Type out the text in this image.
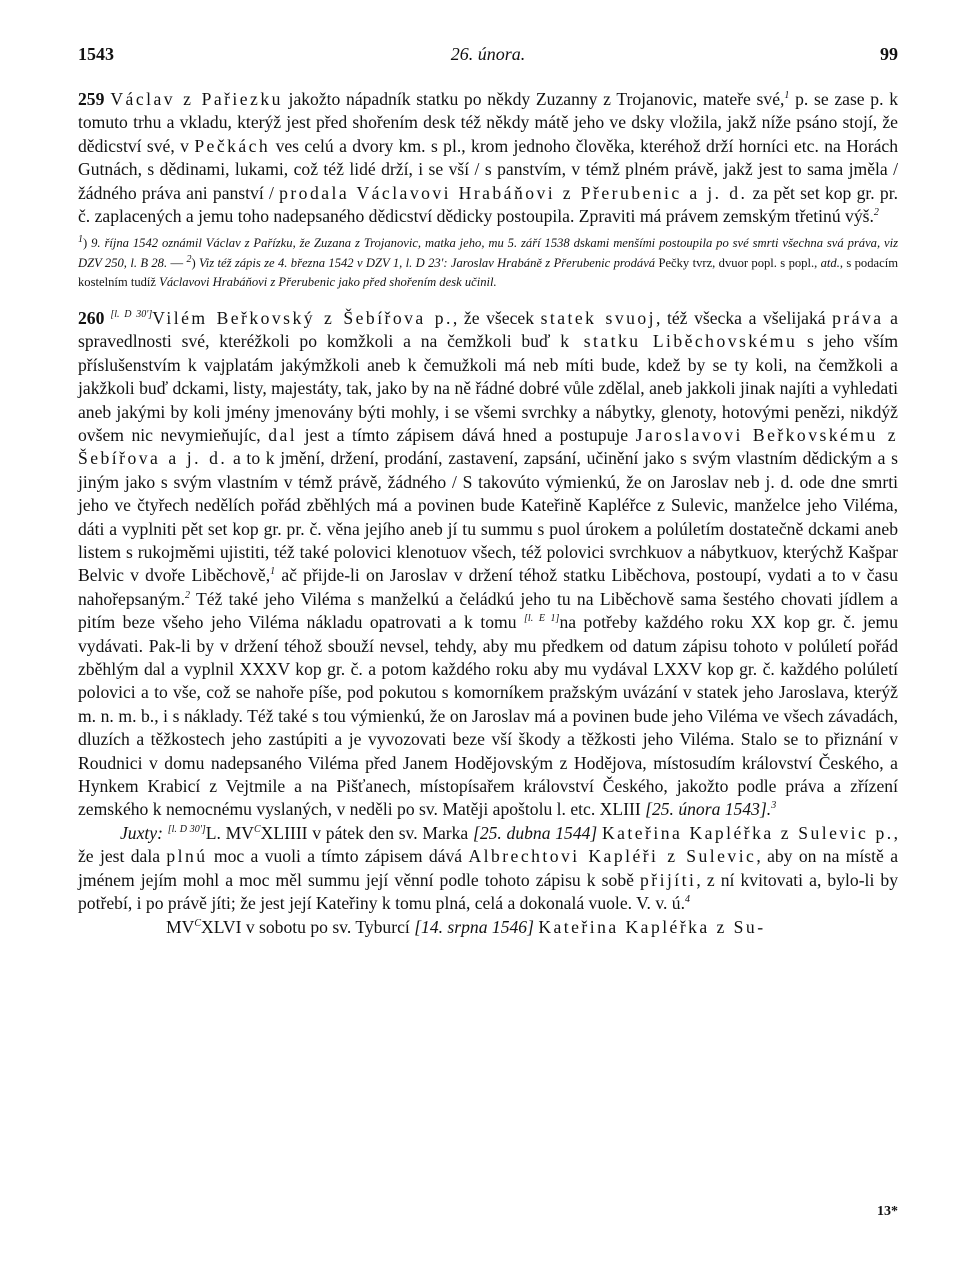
1543	26. února.	99

259 Václav z Pařiezku jakožto nápadník statku po někdy Zuzanny z Trojanovic, mateře své,$^1$ p. se zase p. k tomuto trhu a vkladu, kterýž jest před shořením desk též někdy mátě jeho ve dsky vložila, jakž níže psáno stojí, že dědicství své, v Pečkách ves celú a dvory km. s pl., krom jednoho člověka, kteréhož drží horníci etc. na Horách Gutnách, s dědinami, lukami, což též lidé drží, i se vší / s panstvím, v témž plném právě, jakž jest to sama jměla / žádného práva ani panství / prodala Václavovi Hrabáňovi z Přerubenic a j. d. za pět set kop gr. pr. č. zaplacených a jemu toho nadepsaného dědicství dědicky postoupila. Zpraviti má právem zemským třetinú výš.$^2$

$^1$) 9. října 1542 oznámil Václav z Pařízku, že Zuzana z Trojanovic, matka jeho, mu 5. září 1538 dskami menšími postoupila po své smrti všechna svá práva, viz DZV 250, l. B 28. — $^2$) Viz též zápis ze 4. března 1542 v DZV 1, l. D 23': Jaroslav Hrabáně z Přerubenic prodává Pečky tvrz, dvuor popl. s popl., atd., s podacím kostelním tudíž Václavovi Hrabáňovi z Přerubenic jako před shořením desk učinil.

260 [l. D 30']Vilém Beřkovský z Šebířova p., že všecek statek svuoj, též všecka a všelijaká práva a spravedlnosti své, kteréžkoli po komžkoli a na čemžkoli buď k statku Liběchovskému s jeho vším příslušenstvím k vajplatám jakýmžkoli aneb k čemužkoli má neb míti bude, kdež by se ty koli, na čemžkoli a jakžkoli buď dckami, listy, majestáty, tak, jako by na ně řádné dobré vůle zdělal, aneb jakkoli jinak najíti a vyhledati aneb jakými by koli jmény jmenovány býti mohly, i se všemi svrchky a nábytky, glenoty, hotovými penězi, nikdýž ovšem nic nevymieňujíc, dal jest a tímto zápisem dává hned a postupuje Jaroslavovi Beřkovskému z Šebířova a j. d. a to k jmění, držení, prodání, zastavení, zapsání, učinění jako s svým vlastním dědickým a s jiným jako s svým vlastním v témž právě, žádného / S takovúto výmienkú, že on Jaroslav neb j. d. ode dne smrti jeho ve čtyřech nedělích pořád zběhlých má a povinen bude Kateřině Kapléřce z Sulevic, manželce jeho Viléma, dáti a vyplniti pět set kop gr. pr. č. věna jejího aneb jí tu summu s puol úrokem a polúletím dostatečně dckami aneb listem s rukojměmi ujistiti, též také polovici klenotuov všech, též polovici svrchkuov a nábytkuov, kterýchž Kašpar Belvic v dvoře Liběchově,$^1$ ač přijde-li on Jaroslav v držení téhož statku Liběchova, postoupí, vydati a to v času nahořepsaným.$^2$ Též také jeho Viléma s manželkú a čeládkú jeho tu na Liběchově sama šestého chovati jídlem a pitím beze všeho jeho Viléma nákladu opatrovati a k tomu [l. E 1]na potřeby každého roku XX kop gr. č. jemu vydávati. Pak-li by v držení téhož sbouží nevsel, tehdy, aby mu předkem od datum zápisu tohoto v polúletí pořád zběhlým dal a vyplnil XXXV kop gr. č. a potom každého roku aby mu vydával LXXV kop gr. č. každého polúletí polovici a to vše, což se nahoře píše, pod pokutou s komorníkem pražským uvázání v statek jeho Jaroslava, kterýž m. n. m. b., i s náklady. Též také s tou výmienkú, že on Jaroslav má a povinen bude jeho Viléma ve všech závadách, dluzích a těžkostech jeho zastúpiti a je vyvozovati beze vší škody a těžkosti jeho Viléma. Stalo se to přiznání v Roudnici v domu nadepsaného Viléma před Janem Hodějovským z Hodějova, místosudím království Českého, a Hynkem Krabicí z Vejtmile a na Pišťanech, místopísařem království Českého, jakožto podle práva a zřízení zemského k nemocnému vyslaných, v neděli po sv. Matěji apoštolu l. etc. XLIII [25. února 1543].$^3$

Juxty: [l. D 30']L. $MV^CXLIIII$ v pátek den sv. Marka [25. dubna 1544] Kateřina Kapléřka z Sulevic p., že jest dala plnú moc a vuoli a tímto zápisem dává Albrechtovi Kapléři z Sulevic, aby on na místě a jménem jejím mohl a moc měl summu její věnní podle tohoto zápisu k sobě přijíti, z ní kvitovati a, bylo-li by potřebí, i po právě jíti; že jest její Kateřiny k tomu plná, celá a dokonalá vuole. V. v. ú.$^4$

$MV^CXLVI$ v sobotu po sv. Tyburcí [14. srpna 1546] Kateřina Kapléřka z Su-

13*
